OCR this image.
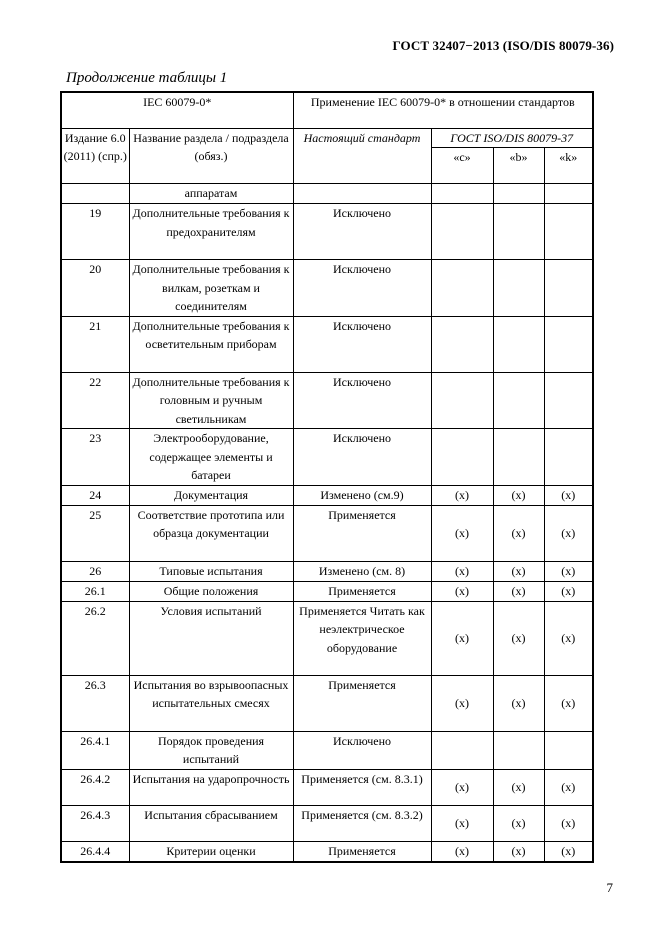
ГОСТ 32407−2013 (ISO/DIS 80079-36)
Продолжение таблицы 1
IEC 60079-0*		Применение IEC 60079-0* в отношении стандартов			
Издание 6.0 (2011) (спр.)	Название раздела / подраздела (обяз.)	Настоящий стандарт	ГОСТ ISO/DIS 80079-37		
			«c»	«b»	«k»
	аппаратам				
19	Дополнительные требования к предохранителям	Исключено			
20	Дополнительные требования к вилкам, розеткам и соединителям	Исключено			
21	Дополнительные требования к осветительным приборам	Исключено			
22	Дополнительные требования к головным и ручным светильникам	Исключено			
23	Электрооборудование, содержащее элементы и батареи	Исключено			
24	Документация	Изменено (см.9)	(x)	(x)	(x)
25	Соответствие прототипа или образца документации	Применяется	(x)	(x)	(x)
26	Типовые испытания	Изменено (см. 8)	(x)	(x)	(x)
26.1	Общие положения	Применяется	(x)	(x)	(x)
26.2	Условия испытаний	Применяется Читать как неэлектрическое оборудование	(x)	(x)	(x)
26.3	Испытания во взрывоопасных испытательных смесях	Применяется	(x)	(x)	(x)
26.4.1	Порядок проведения испытаний	Исключено			
26.4.2	Испытания на ударопрочность	Применяется (см. 8.3.1)	(x)	(x)	(x)
26.4.3	Испытания сбрасыванием	Применяется (см. 8.3.2)	(x)	(x)	(x)
26.4.4	Критерии оценки	Применяется	(x)	(x)	(x)
7
